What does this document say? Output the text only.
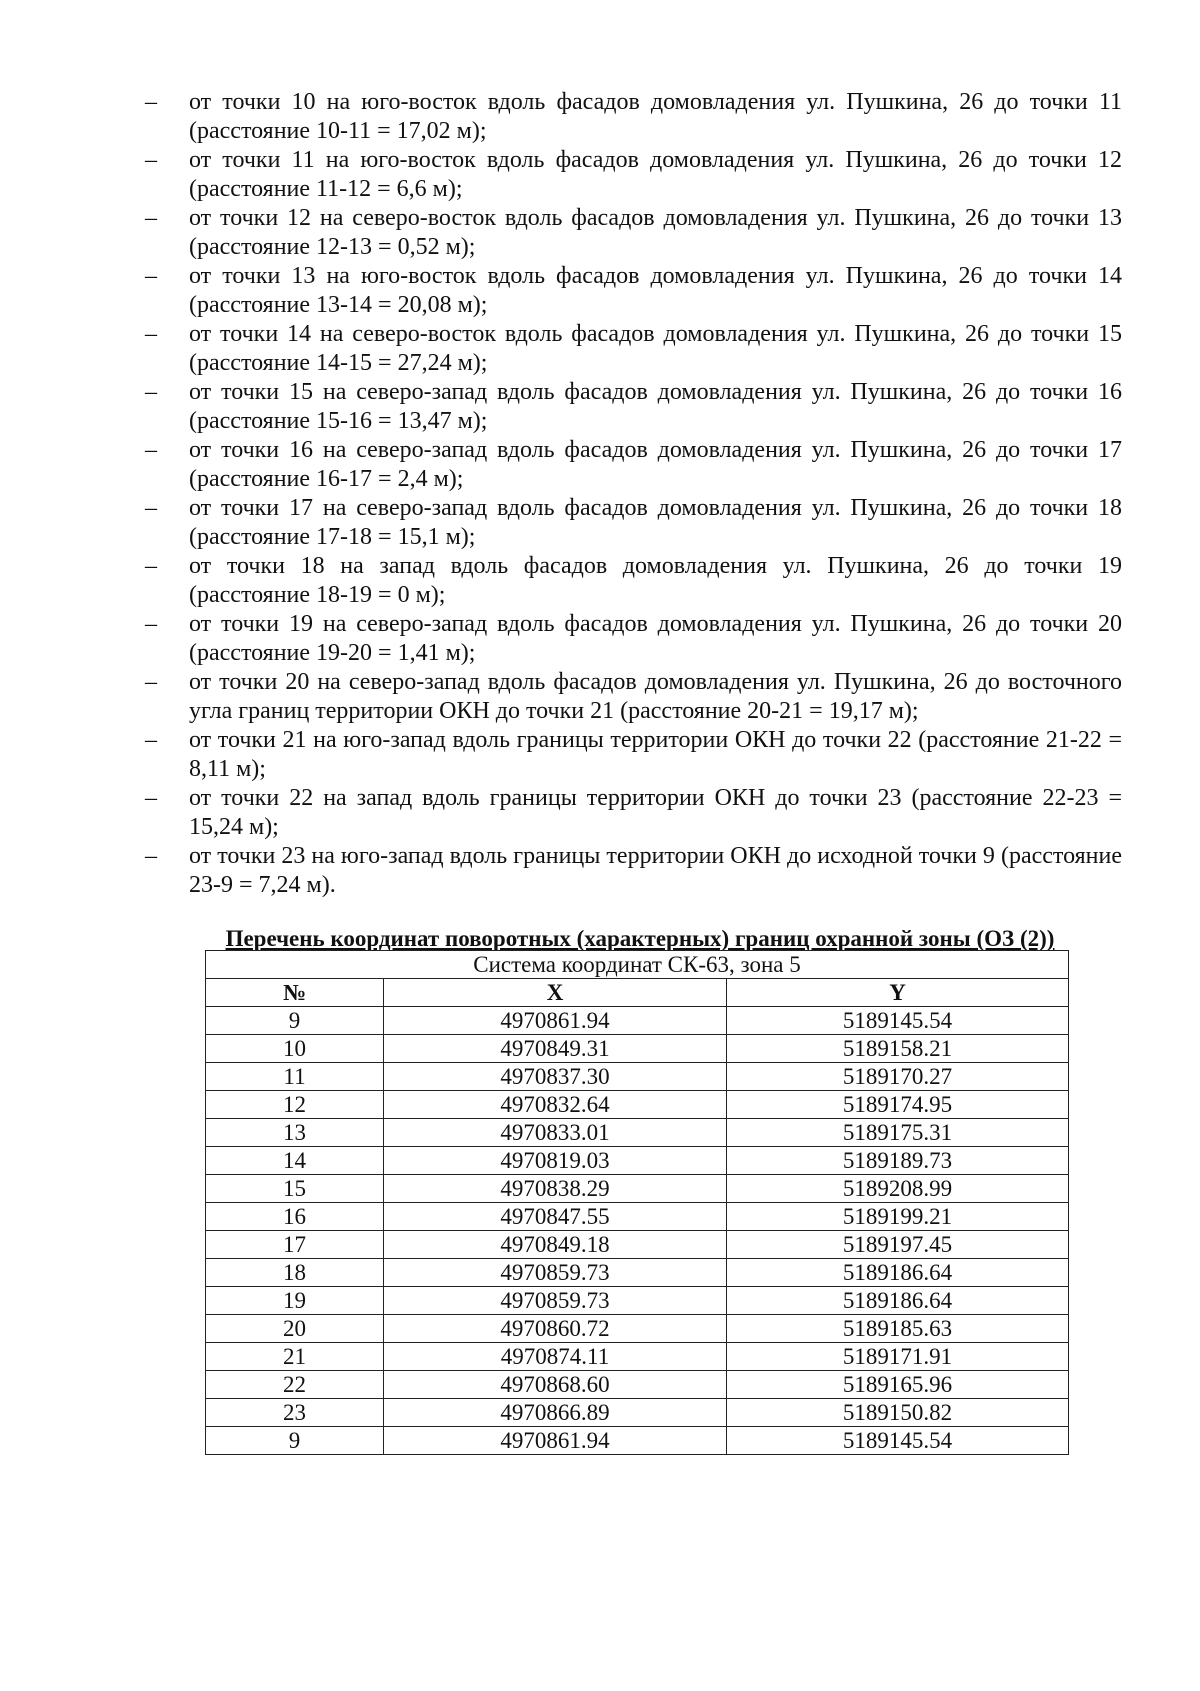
–	от точки 10 на юго-восток вдоль фасадов домовладения ул. Пушкина, 26 до точки 11 (расстояние 10-11 = 17,02 м);
–	от точки 11 на юго-восток вдоль фасадов домовладения ул. Пушкина, 26 до точки 12 (расстояние 11-12 = 6,6 м);
–	от точки 12 на северо-восток вдоль фасадов домовладения ул. Пушкина, 26 до точки 13 (расстояние 12-13 = 0,52 м);
–	от точки 13 на юго-восток вдоль фасадов домовладения ул. Пушкина, 26 до точки 14 (расстояние 13-14 = 20,08 м);
–	от точки 14 на северо-восток вдоль фасадов домовладения ул. Пушкина, 26 до точки 15 (расстояние 14-15 = 27,24 м);
–	от точки 15 на северо-запад вдоль фасадов домовладения ул. Пушкина, 26 до точки 16 (расстояние 15-16 = 13,47 м);
–	от точки 16 на северо-запад вдоль фасадов домовладения ул. Пушкина, 26 до точки 17 (расстояние 16-17 = 2,4 м);
–	от точки 17 на северо-запад вдоль фасадов домовладения ул. Пушкина, 26 до точки 18 (расстояние 17-18 = 15,1 м);
–	от точки 18 на запад вдоль фасадов домовладения ул. Пушкина, 26 до точки 19 (расстояние 18-19 = 0 м);
–	от точки 19 на северо-запад вдоль фасадов домовладения ул. Пушкина, 26 до точки 20 (расстояние 19-20 = 1,41 м);
–	от точки 20 на северо-запад вдоль фасадов домовладения ул. Пушкина, 26 до восточного угла границ территории ОКН до точки 21 (расстояние 20-21 = 19,17 м);
–	от точки 21 на юго-запад вдоль границы территории ОКН до точки 22 (расстояние 21-22 = 8,11 м);
–	от точки 22 на запад вдоль границы территории ОКН до точки 23 (расстояние 22-23 = 15,24 м);
–	от точки 23 на юго-запад вдоль границы территории ОКН до исходной точки 9 (расстояние 23-9 = 7,24 м).

Перечень координат поворотных (характерных) границ охранной зоны (ОЗ (2))

Система координат СК-63, зона 5		
№	X	Y
9	4970861.94	5189145.54
10	4970849.31	5189158.21
11	4970837.30	5189170.27
12	4970832.64	5189174.95
13	4970833.01	5189175.31
14	4970819.03	5189189.73
15	4970838.29	5189208.99
16	4970847.55	5189199.21
17	4970849.18	5189197.45
18	4970859.73	5189186.64
19	4970859.73	5189186.64
20	4970860.72	5189185.63
21	4970874.11	5189171.91
22	4970868.60	5189165.96
23	4970866.89	5189150.82
9	4970861.94	5189145.54
